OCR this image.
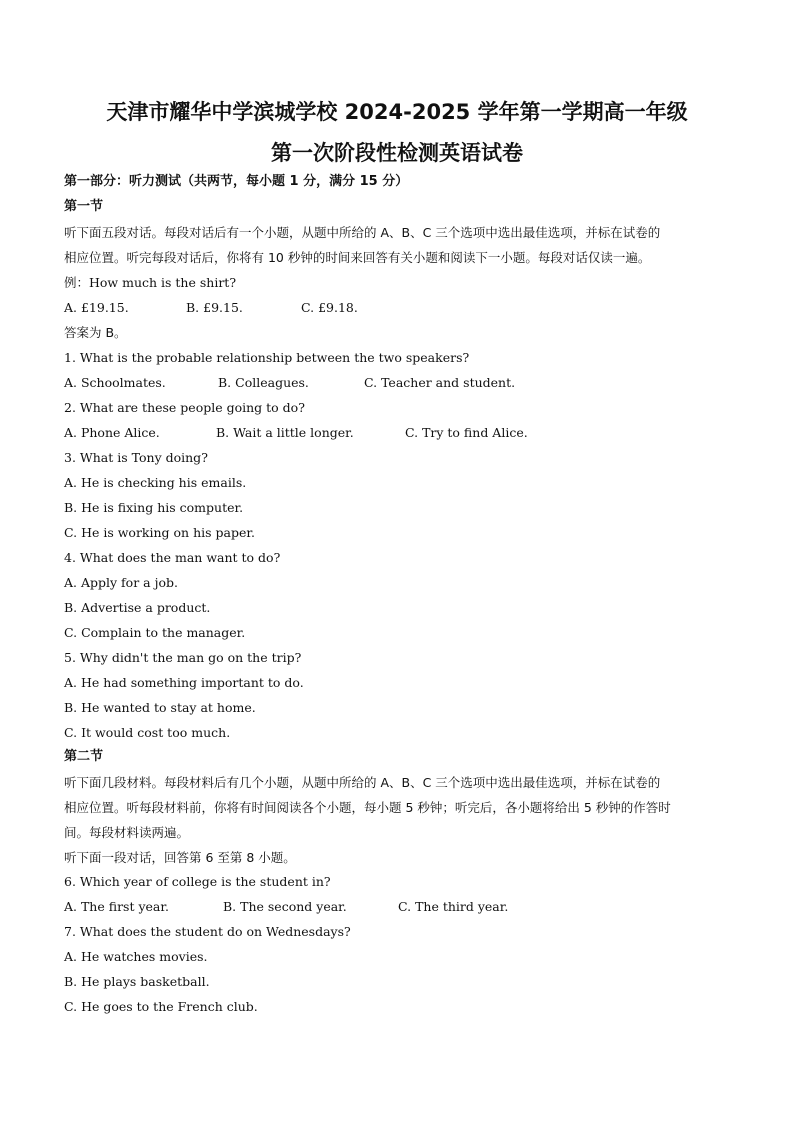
天津市耀华中学滨城学校 2024-2025 学年第一学期高一年级
第一次阶段性检测英语试卷
第一部分：听力测试（共两节，每小题 1 分，满分 15 分）
第一节
听下面五段对话。每段对话后有一个小题，从题中所给的 A、B、C 三个选项中选出最佳选项，并标在试卷的
相应位置。听完每段对话后，你将有 10 秒钟的时间来回答有关小题和阅读下一小题。每段对话仅读一遍。
例：How much is the shirt?
A. £19.15.	B. £9.15.	C. £9.18.
答案为 B。
1. What is the probable relationship between the two speakers?
A. Schoolmates.	B. Colleagues.	C. Teacher and student.
2. What are these people going to do?
A. Phone Alice.	B. Wait a little longer.	C. Try to find Alice.
3. What is Tony doing?
A. He is checking his emails.
B. He is fixing his computer.
C. He is working on his paper.
4. What does the man want to do?
A. Apply for a job.
B. Advertise a product.
C. Complain to the manager.
5. Why didn't the man go on the trip?
A. He had something important to do.
B. He wanted to stay at home.
C. It would cost too much.
第二节
听下面几段材料。每段材料后有几个小题，从题中所给的 A、B、C 三个选项中选出最佳选项，并标在试卷的
相应位置。听每段材料前，你将有时间阅读各个小题，每小题 5 秒钟；听完后，各小题将给出 5 秒钟的作答时
间。每段材料读两遍。
听下面一段对话，回答第 6 至第 8 小题。
6. Which year of college is the student in?
A. The first year.	B. The second year.	C. The third year.
7. What does the student do on Wednesdays?
A. He watches movies.
B. He plays basketball.
C. He goes to the French club.
